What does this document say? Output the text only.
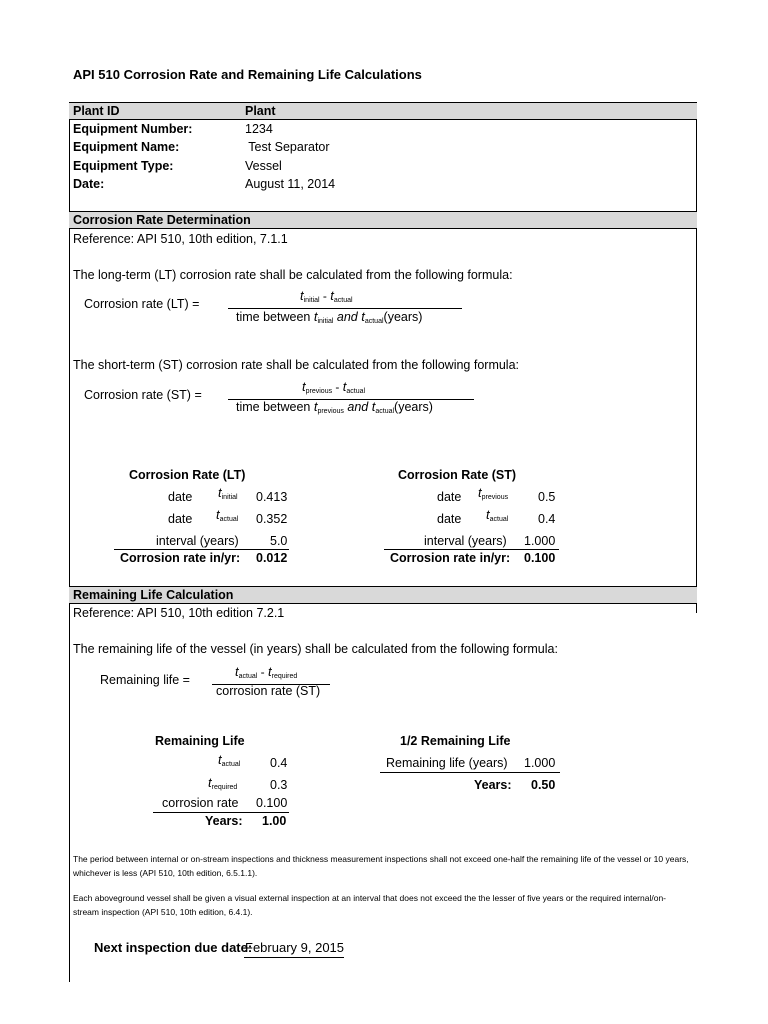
API 510 Corrosion Rate and Remaining Life Calculations
Plant ID	Plant
Equipment Number:	1234
Equipment Name:	Test Separator
Equipment Type:	Vessel
Date:	August 11, 2014
Corrosion Rate Determination
Reference: API 510, 10th edition, 7.1.1
The long-term (LT) corrosion rate shall be calculated from the following formula:
Corrosion rate (LT) =
$t_{initial} - t_{actual}$
time between $t_{initial}$ and $t_{actual}(years)$
The short-term (ST) corrosion rate shall be calculated from the following formula:
Corrosion rate (ST) =
$t_{previous} - t_{actual}$
time between $t_{previous}$ and $t_{actual}(years)$
Corrosion Rate (LT)
date $t_{initial}$ 0.413
date $t_{actual}$ 0.352
interval (years)	5.0
Corrosion rate in/yr: 0.012
Corrosion Rate (ST)
date $t_{previous}$ 0.5
date $t_{actual}$ 0.4
interval (years) 1.000
Corrosion rate in/yr: 0.100
Remaining Life Calculation
Reference: API 510, 10th edition 7.2.1
The remaining life of the vessel (in years) shall be calculated from the following formula:
Remaining life =
$t_{actual} - t_{required}$
corrosion rate (ST)
Remaining Life
$t_{actual}$ 0.4
$t_{required}$	0.3
corrosion rate 0.100
Years: 1.00
1/2 Remaining Life
Remaining life (years) 1.000
Years: 0.50
The period between internal or on-stream inspections and thickness measurement inspections shall not exceed one-half the remaining life of the vessel or 10 years, whichever is less (API 510, 10th edition, 6.5.1.1).
Each aboveground vessel shall be given a visual external inspection at an interval that does not exceed the the lesser of five years or the required internal/on-stream inspection (API 510, 10th edition, 6.4.1).
Next inspection due date:
February 9, 2015
